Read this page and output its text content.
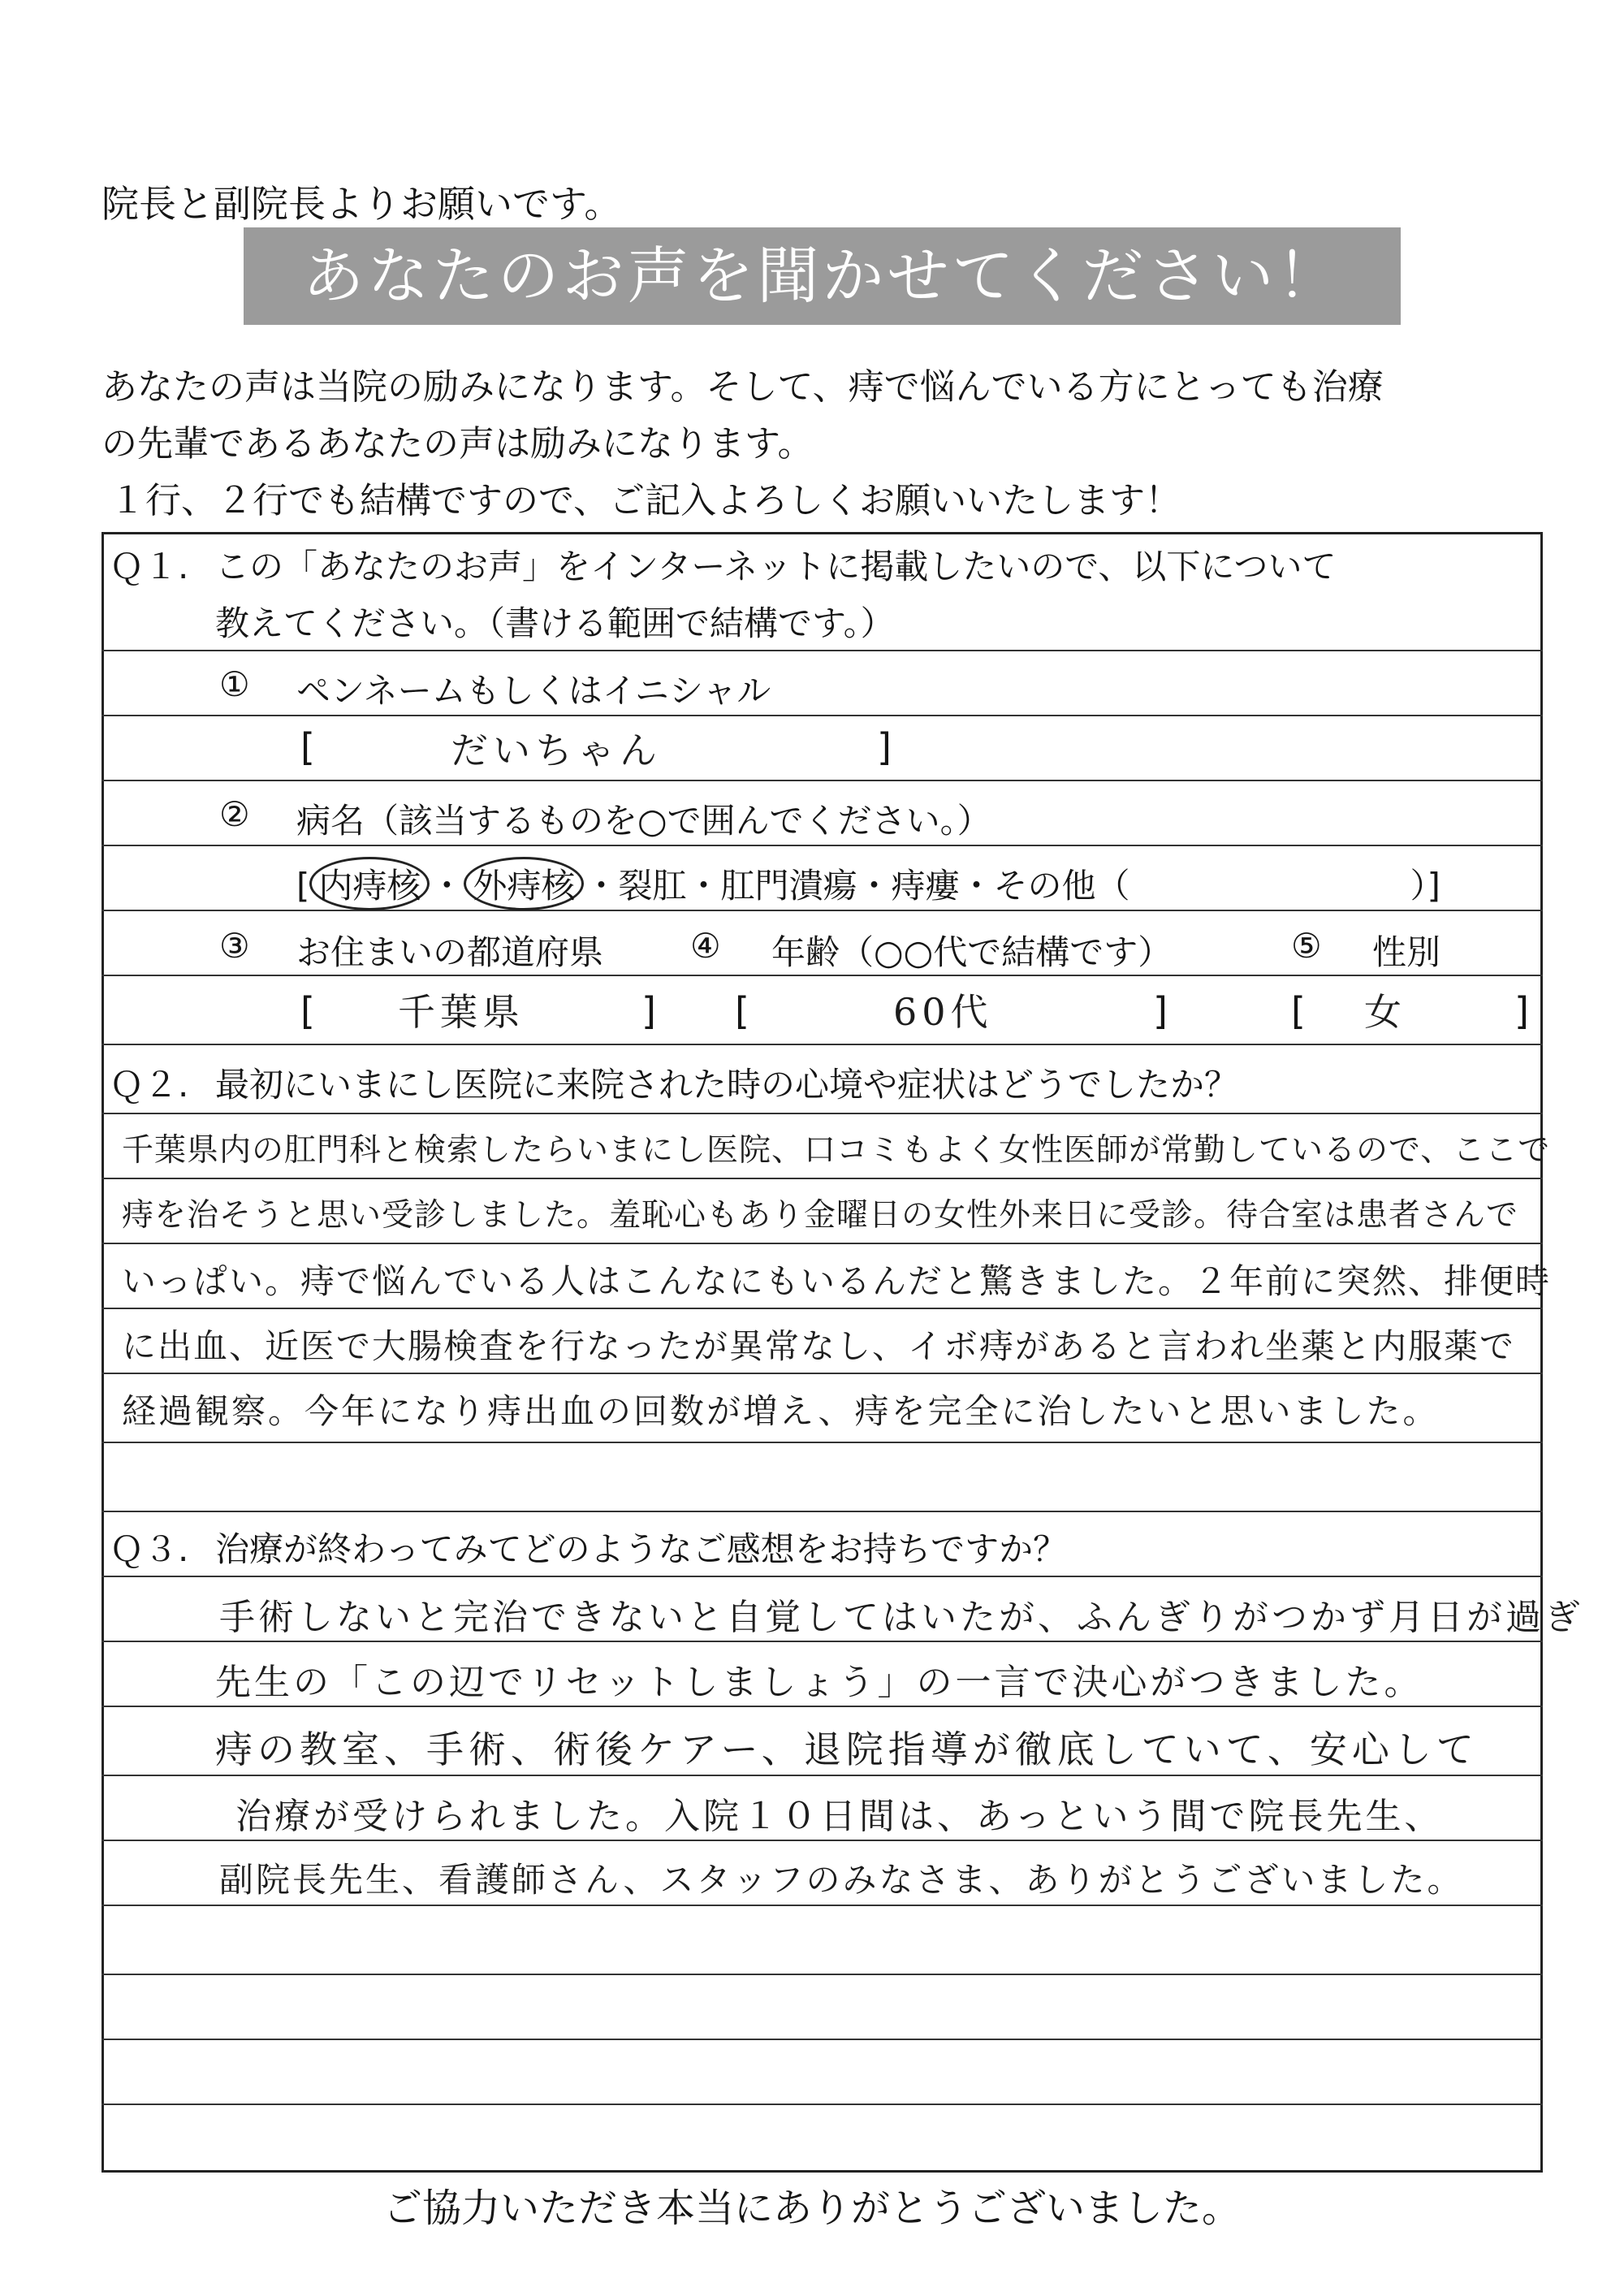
院長と副院長よりお願いです。
あなたのお声を聞かせてください！
あなたの声は当院の励みになります。そして、痔で悩んでいる方にとっても治療
の先輩であるあなたの声は励みになります。
１行、２行でも結構ですので、ご記入よろしくお願いいたします！
Ｑ１. この「あなたのお声」をインターネットに掲載したいので、以下について
教えてください。（書ける範囲で結構です。）
① ペンネームもしくはイニシャル
[	だいちゃん	]
② 病名（該当するものを○で囲んでください。）
[ 内痔核 ・ 外痔核 ・裂肛・肛門潰瘍・痔瘻・その他（	）]
③ お住まいの都道府県	④ 年齢（○○代で結構です）	⑤ 性別
[ 千葉県	] [	60代	]	[ 女	]
Ｑ２. 最初にいまにし医院に来院された時の心境や症状はどうでしたか？
千葉県内の肛門科と検索したらいまにし医院、口コミもよく女性医師が常勤しているので、ここで
痔を治そうと思い受診しました。羞恥心もあり金曜日の女性外来日に受診。待合室は患者さんで
いっぱい。痔で悩んでいる人はこんなにもいるんだと驚きました。２年前に突然、排便時
に出血、近医で大腸検査を行なったが異常なし、イボ痔があると言われ坐薬と内服薬で
経過観察。今年になり痔出血の回数が増え、痔を完全に治したいと思いました。
Ｑ３. 治療が終わってみてどのようなご感想をお持ちですか？
手術しないと完治できないと自覚してはいたが、ふんぎりがつかず月日が過ぎ
先生の「この辺でリセットしましょう」の一言で決心がつきました。
痔の教室、手術、術後ケアー、退院指導が徹底していて、安心して
治療が受けられました。入院１０日間は、あっという間で院長先生、
副院長先生、看護師さん、スタッフのみなさま、ありがとうございました。
ご協力いただき本当にありがとうございました。
